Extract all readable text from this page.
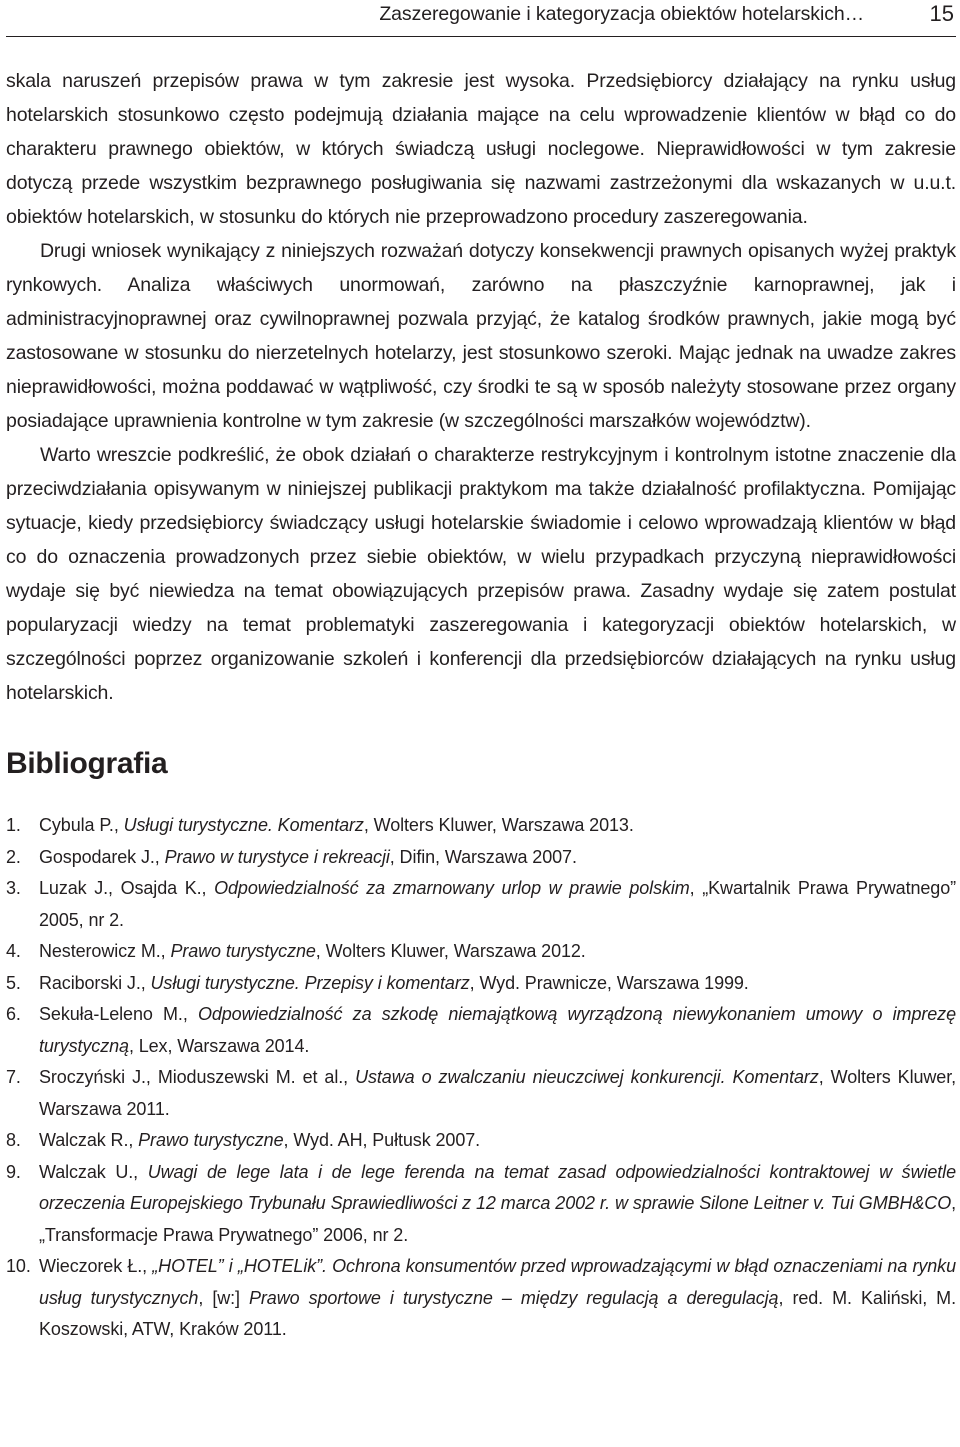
Zaszeregowanie i kategoryzacja obiektów hotelarskich…	15

skala naruszeń przepisów prawa w tym zakresie jest wysoka. Przedsiębiorcy działający na rynku usług hotelarskich stosunkowo często podejmują działania mające na celu wprowadzenie klientów w błąd co do charakteru prawnego obiektów, w których świadczą usługi noclegowe. Nieprawidłowości w tym zakresie dotyczą przede wszystkim bezprawnego posługiwania się nazwami zastrzeżonymi dla wskazanych w u.u.t. obiektów hotelarskich, w stosunku do których nie przeprowadzono procedury zaszeregowania.

Drugi wniosek wynikający z niniejszych rozważań dotyczy konsekwencji prawnych opisanych wyżej praktyk rynkowych. Analiza właściwych unormowań, zarówno na płaszczyźnie karnoprawnej, jak i administracyjnoprawnej oraz cywilnoprawnej pozwala przyjąć, że katalog środków prawnych, jakie mogą być zastosowane w stosunku do nierzetelnych hotelarzy, jest stosunkowo szeroki. Mając jednak na uwadze zakres nieprawidłowości, można poddawać w wątpliwość, czy środki te są w sposób należyty stosowane przez organy posiadające uprawnienia kontrolne w tym zakresie (w szczególności marszałków województw).

Warto wreszcie podkreślić, że obok działań o charakterze restrykcyjnym i kontrolnym istotne znaczenie dla przeciwdziałania opisywanym w niniejszej publikacji praktykom ma także działalność profilaktyczna. Pomijając sytuacje, kiedy przedsiębiorcy świadczący usługi hotelarskie świadomie i celowo wprowadzają klientów w błąd co do oznaczenia prowadzonych przez siebie obiektów, w wielu przypadkach przyczyną nieprawidłowości wydaje się być niewiedza na temat obowiązujących przepisów prawa. Zasadny wydaje się zatem postulat popularyzacji wiedzy na temat problematyki zaszeregowania i kategoryzacji obiektów hotelarskich, w szczególności poprzez organizowanie szkoleń i konferencji dla przedsiębiorców działających na rynku usług hotelarskich.

Bibliografia
1. Cybula P., Usługi turystyczne. Komentarz, Wolters Kluwer, Warszawa 2013.
2. Gospodarek J., Prawo w turystyce i rekreacji, Difin, Warszawa 2007.
3. Luzak J., Osajda K., Odpowiedzialność za zmarnowany urlop w prawie polskim, „Kwartalnik Prawa Prywatnego” 2005, nr 2.
4. Nesterowicz M., Prawo turystyczne, Wolters Kluwer, Warszawa 2012.
5. Raciborski J., Usługi turystyczne. Przepisy i komentarz, Wyd. Prawnicze, Warszawa 1999.
6. Sekuła-Leleno M., Odpowiedzialność za szkodę niemajątkową wyrządzoną niewykonaniem umowy o imprezę turystyczną, Lex, Warszawa 2014.
7. Sroczyński J., Mioduszewski M. et al., Ustawa o zwalczaniu nieuczciwej konkurencji. Komentarz, Wolters Kluwer, Warszawa 2011.
8. Walczak R., Prawo turystyczne, Wyd. AH, Pułtusk 2007.
9. Walczak U., Uwagi de lege lata i de lege ferenda na temat zasad odpowiedzialności kontraktowej w świetle orzeczenia Europejskiego Trybunału Sprawiedliwości z 12 marca 2002 r. w sprawie Silone Leitner v. Tui GMBH&CO, „Transformacje Prawa Prywatnego” 2006, nr 2.
10. Wieczorek Ł., „HOTEL” i „HOTELik”. Ochrona konsumentów przed wprowadzającymi w błąd oznaczeniami na rynku usług turystycznych, [w:] Prawo sportowe i turystyczne – między regulacją a deregulacją, red. M. Kaliński, M. Koszowski, ATW, Kraków 2011.
